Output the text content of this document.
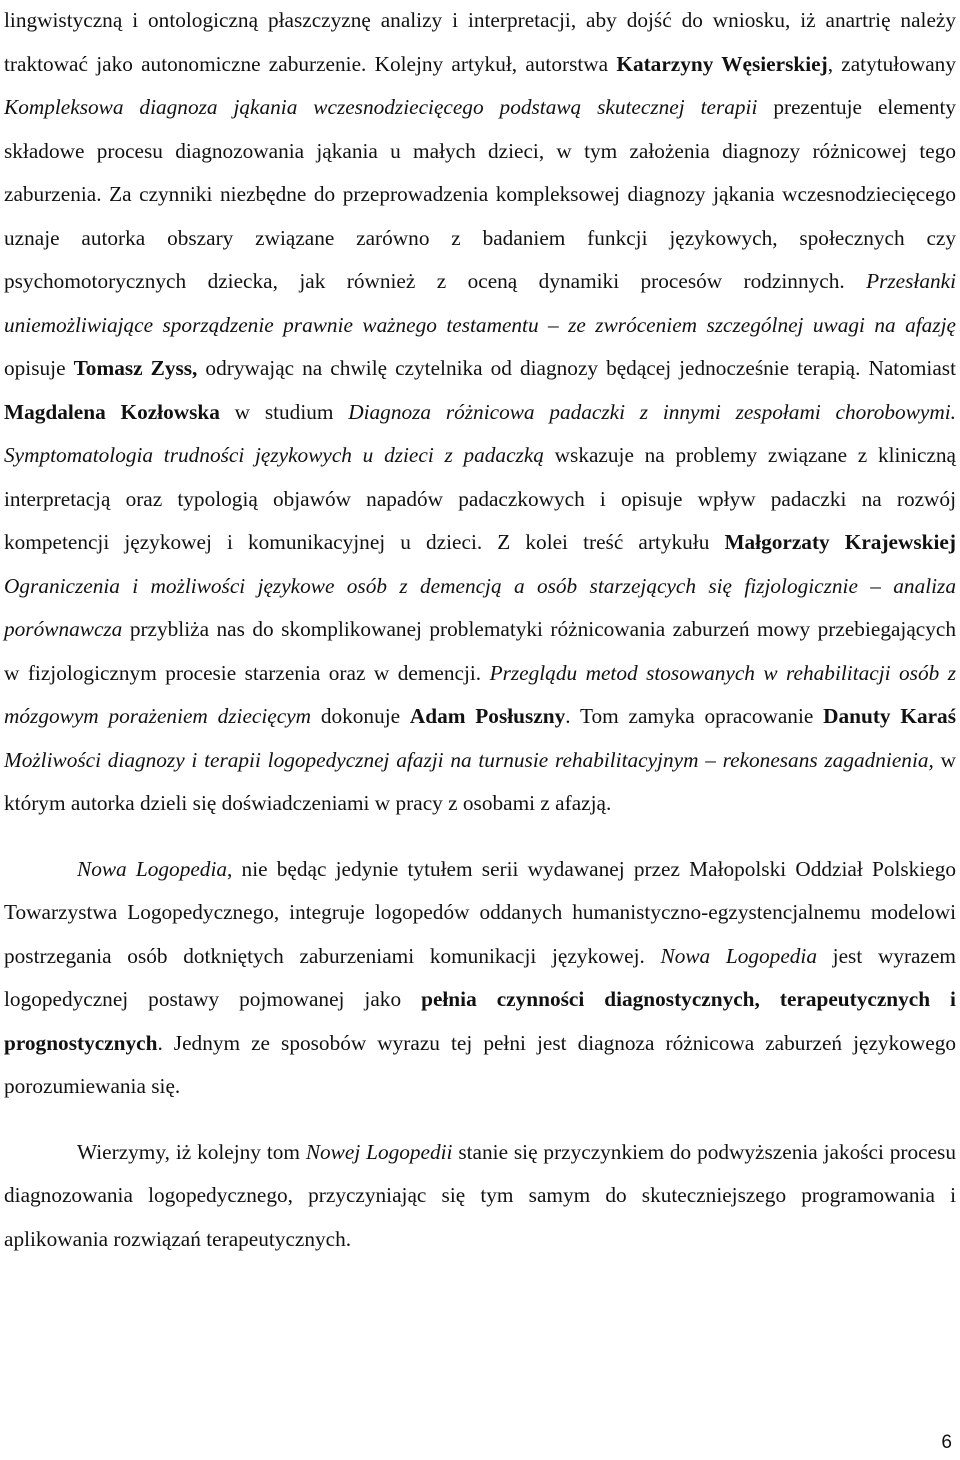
lingwistyczną i ontologiczną płaszczyznę analizy i interpretacji, aby dojść do wniosku, iż anartrię należy traktować jako autonomiczne zaburzenie. Kolejny artykuł, autorstwa Katarzyny Węsierskiej, zatytułowany Kompleksowa diagnoza jąkania wczesnodziecięcego podstawą skutecznej terapii prezentuje elementy składowe procesu diagnozowania jąkania u małych dzieci, w tym założenia diagnozy różnicowej tego zaburzenia. Za czynniki niezbędne do przeprowadzenia kompleksowej diagnozy jąkania wczesnodziecięcego uznaje autorka obszary związane zarówno z badaniem funkcji językowych, społecznych czy psychomotorycznych dziecka, jak również z oceną dynamiki procesów rodzinnych. Przesłanki uniemożliwiające sporządzenie prawnie ważnego testamentu – ze zwróceniem szczególnej uwagi na afazję opisuje Tomasz Zyss, odrywając na chwilę czytelnika od diagnozy będącej jednocześnie terapią. Natomiast Magdalena Kozłowska w studium Diagnoza różnicowa padaczki z innymi zespołami chorobowymi. Symptomatologia trudności językowych u dzieci z padaczką wskazuje na problemy związane z kliniczną interpretacją oraz typologią objawów napadów padaczkowych i opisuje wpływ padaczki na rozwój kompetencji językowej i komunikacyjnej u dzieci. Z kolei treść artykułu Małgorzaty Krajewskiej Ograniczenia i możliwości językowe osób z demencją a osób starzejących się fizjologicznie – analiza porównawcza przybliża nas do skomplikowanej problematyki różnicowania zaburzeń mowy przebiegających w fizjologicznym procesie starzenia oraz w demencji. Przeglądu metod stosowanych w rehabilitacji osób z mózgowym porażeniem dziecięcym dokonuje Adam Posłuszny. Tom zamyka opracowanie Danuty Karaś Możliwości diagnozy i terapii logopedycznej afazji na turnusie rehabilitacyjnym – rekonesans zagadnienia, w którym autorka dzieli się doświadczeniami w pracy z osobami z afazją.

Nowa Logopedia, nie będąc jedynie tytułem serii wydawanej przez Małopolski Oddział Polskiego Towarzystwa Logopedycznego, integruje logopedów oddanych humanistyczno-egzystencjalnemu modelowi postrzegania osób dotkniętych zaburzeniami komunikacji językowej. Nowa Logopedia jest wyrazem logopedycznej postawy pojmowanej jako pełnia czynności diagnostycznych, terapeutycznych i prognostycznych. Jednym ze sposobów wyrazu tej pełni jest diagnoza różnicowa zaburzeń językowego porozumiewania się.

Wierzymy, iż kolejny tom Nowej Logopedii stanie się przyczynkiem do podwyższenia jakości procesu diagnozowania logopedycznego, przyczyniając się tym samym do skuteczniejszego programowania i aplikowania rozwiązań terapeutycznych.

6
